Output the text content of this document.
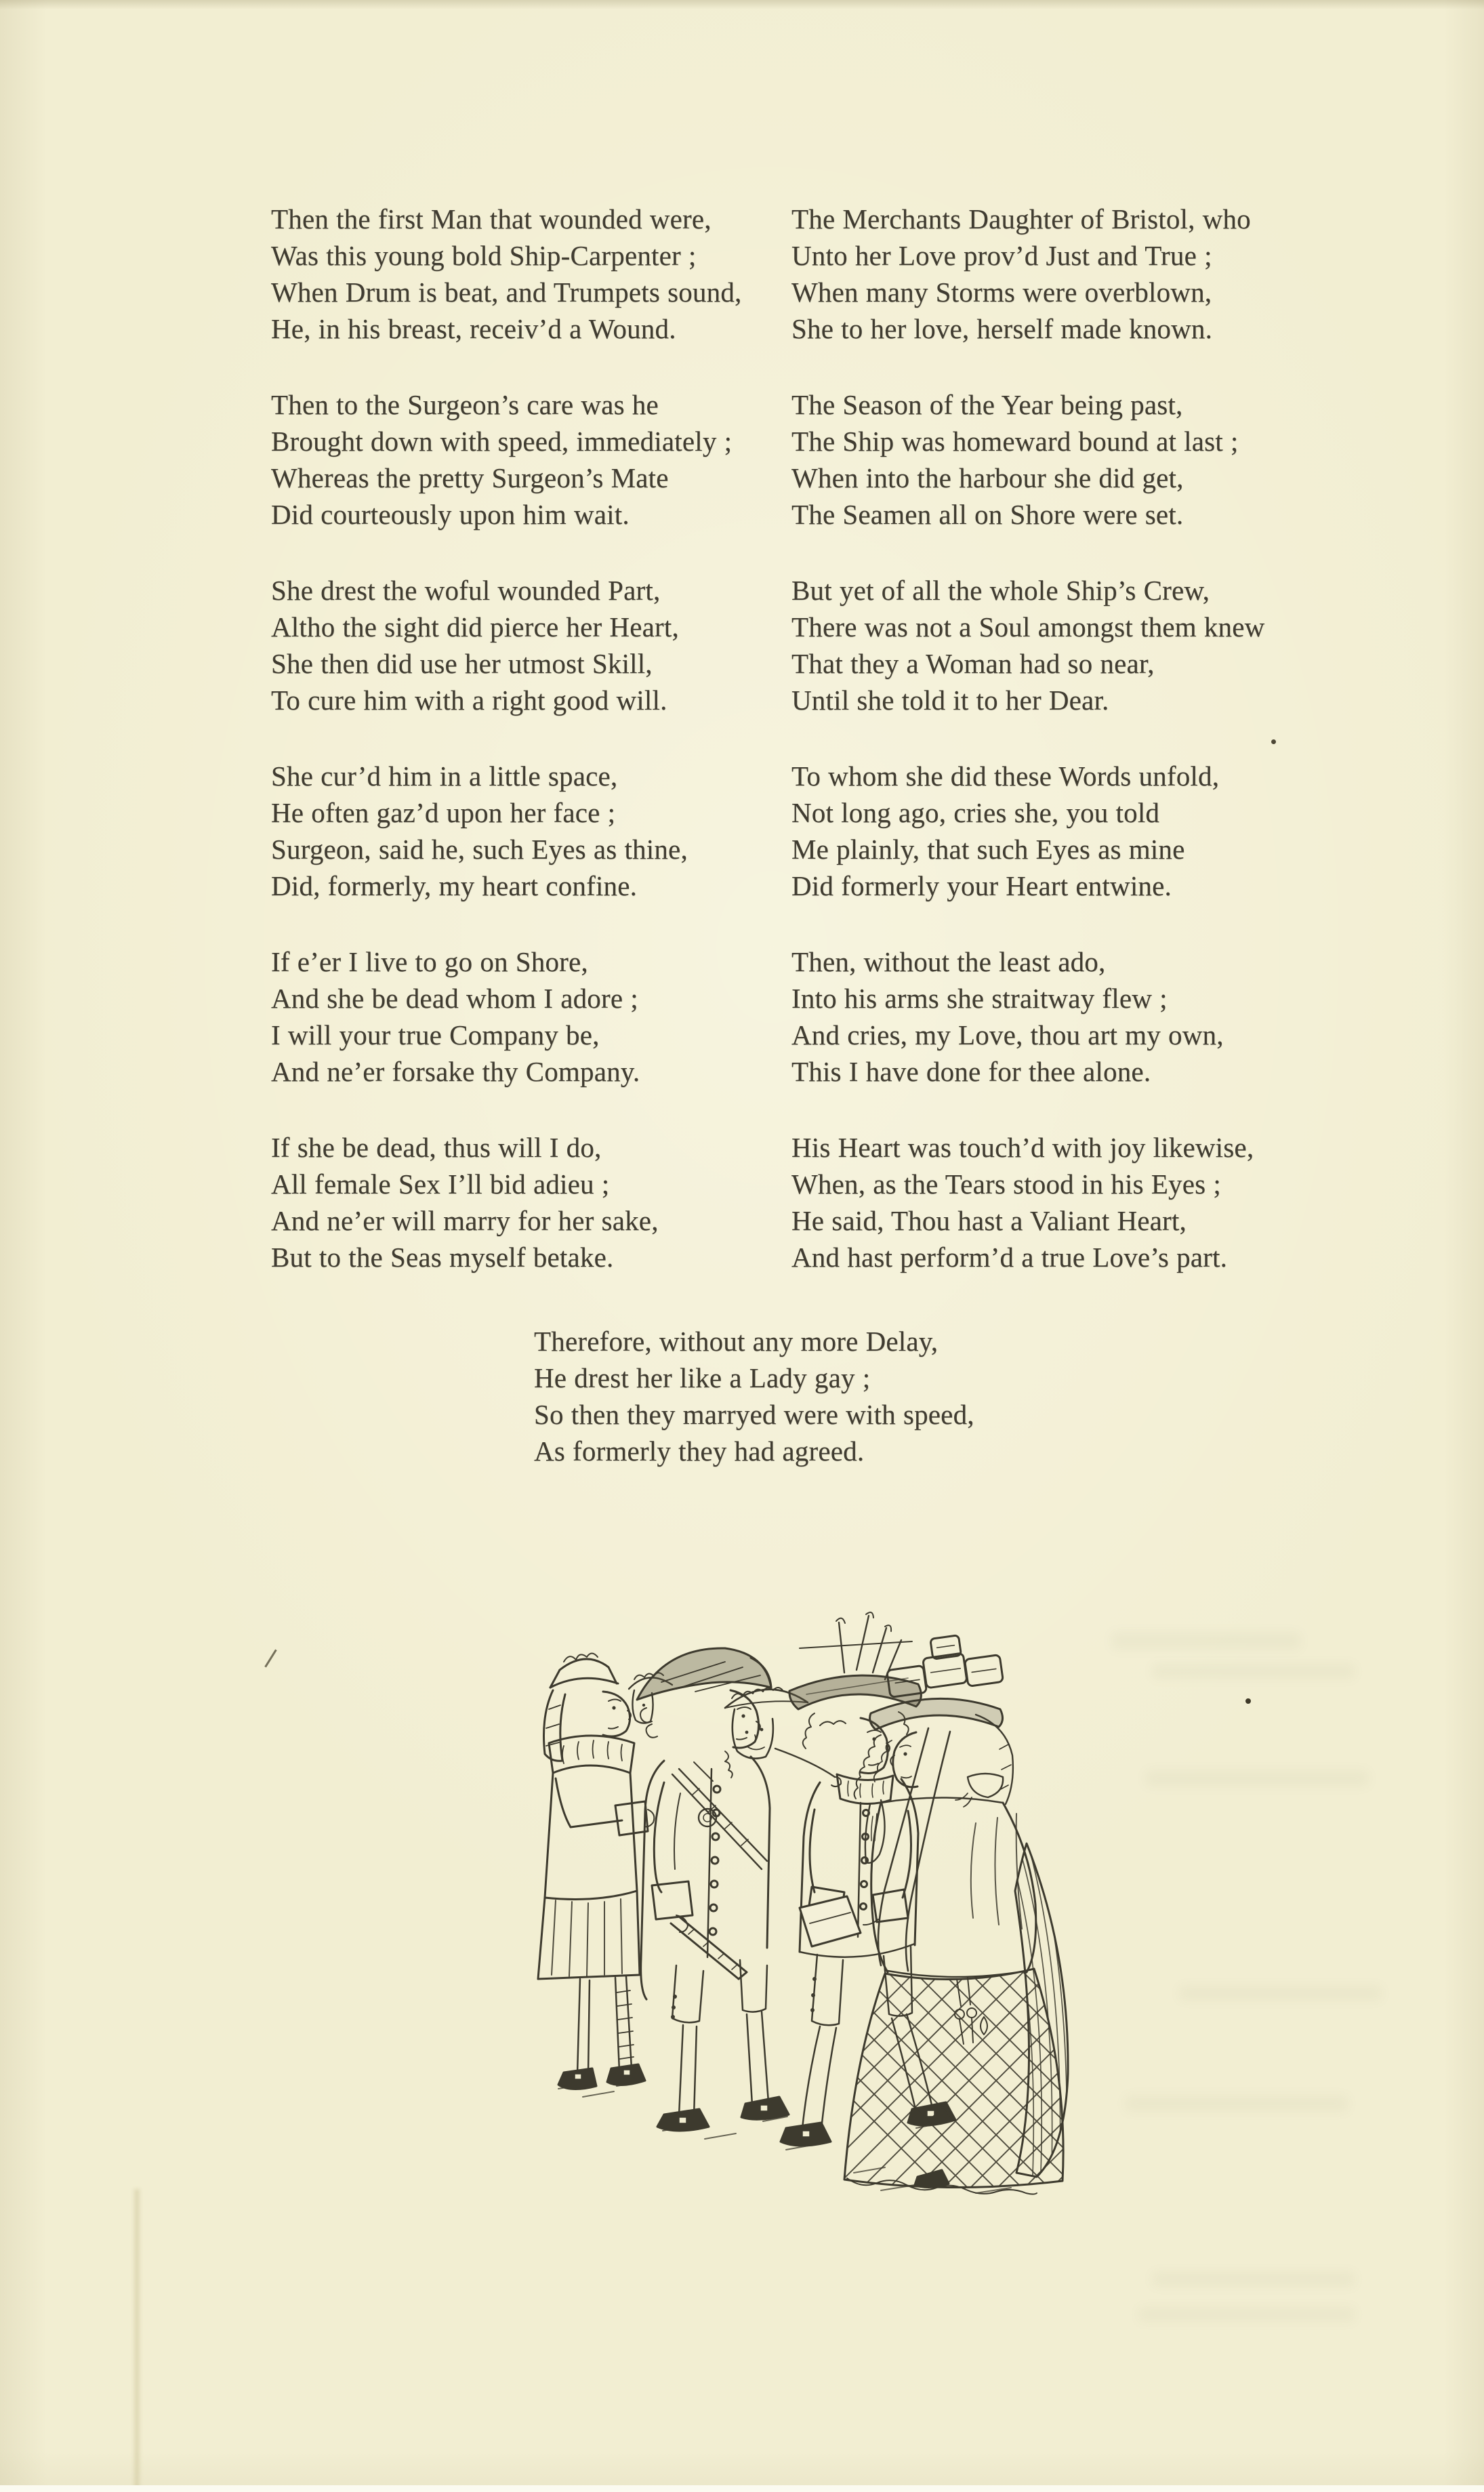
Then the first Man that wounded were,
Was this young bold Ship-Carpenter ;
When Drum is beat, and Trumpets sound,
He, in his breast, receiv’d a Wound.
Then to the Surgeon’s care was he
Brought down with speed, immediately ;
Whereas the pretty Surgeon’s Mate
Did courteously upon him wait.
She drest the woful wounded Part,
Altho the sight did pierce her Heart,
She then did use her utmost Skill,
To cure him with a right good will.
She cur’d him in a little space,
He often gaz’d upon her face ;
Surgeon, said he, such Eyes as thine,
Did, formerly, my heart confine.
If e’er I live to go on Shore,
And she be dead whom I adore ;
I will your true Company be,
And ne’er forsake thy Company.
If she be dead, thus will I do,
All female Sex I’ll bid adieu ;
And ne’er will marry for her sake,
But to the Seas myself betake.
The Merchants Daughter of Bristol, who
Unto her Love prov’d Just and True ;
When many Storms were overblown,
She to her love, herself made known.
The Season of the Year being past,
The Ship was homeward bound at last ;
When into the harbour she did get,
The Seamen all on Shore were set.
But yet of all the whole Ship’s Crew,
There was not a Soul amongst them knew
That they a Woman had so near,
Until she told it to her Dear.
To whom she did these Words unfold,
Not long ago, cries she, you told
Me plainly, that such Eyes as mine
Did formerly your Heart entwine.
Then, without the least ado,
Into his arms she straitway flew ;
And cries, my Love, thou art my own,
This I have done for thee alone.
His Heart was touch’d with joy likewise,
When, as the Tears stood in his Eyes ;
He said, Thou hast a Valiant Heart,
And hast perform’d a true Love’s part.
Therefore, without any more Delay,
He drest her like a Lady gay ;
So then they marryed were with speed,
As formerly they had agreed.
